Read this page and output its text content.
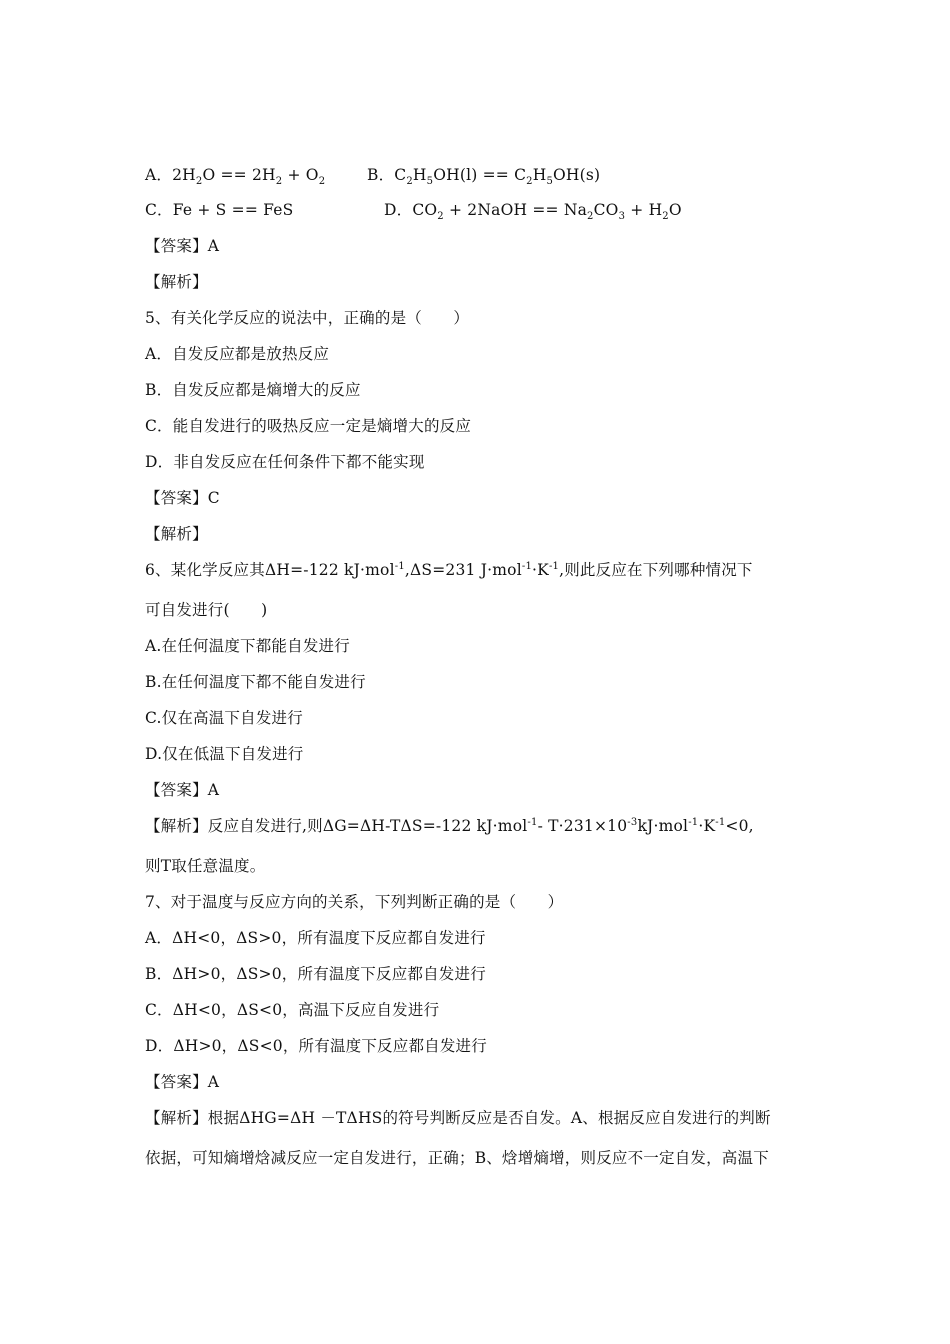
A．$2H_2O == 2H_2 + O_2$	B．$C_2H_5OH(l) == C_2H_5OH(s)$
C．Fe + S == FeS	D．$CO_2$ + 2NaOH == $Na_2CO_3 + H_2O$
【答案】A
【解析】
5、有关化学反应的说法中，正确的是（　　）
A．自发反应都是放热反应
B．自发反应都是熵增大的反应
C．能自发进行的吸热反应一定是熵增大的反应
D．非自发反应在任何条件下都不能实现
【答案】C
【解析】
6、某化学反应其ΔH=-122 kJ·mol$^{-1}$,ΔS=231 $J\cdot mol^{-1}\cdot K^{-1}$,则此反应在下列哪种情况下
可自发进行(　　)
A.在任何温度下都能自发进行
B.在任何温度下都不能自发进行
C.仅在高温下自发进行
D.仅在低温下自发进行
【答案】A
【解析】反应自发进行,则ΔG=ΔH-TΔS=-122 kJ·mol$^{-1}$- $T\cdot 231\times 10^{-3}kJ\cdot mol^{-1}\cdot K^{-1}<0$,
则T取任意温度。
7、对于温度与反应方向的关系，下列判断正确的是（　　）
A．ΔH<0，ΔS>0，所有温度下反应都自发进行
B．ΔH>0，ΔS>0，所有温度下反应都自发进行
C．ΔH<0，ΔS<0，高温下反应自发进行
D．ΔH>0，ΔS<0，所有温度下反应都自发进行
【答案】A
【解析】根据ΔHG=ΔH －TΔHS的符号判断反应是否自发。A、根据反应自发进行的判断
依据，可知熵增焓减反应一定自发进行，正确；B、焓增熵增，则反应不一定自发，高温下
